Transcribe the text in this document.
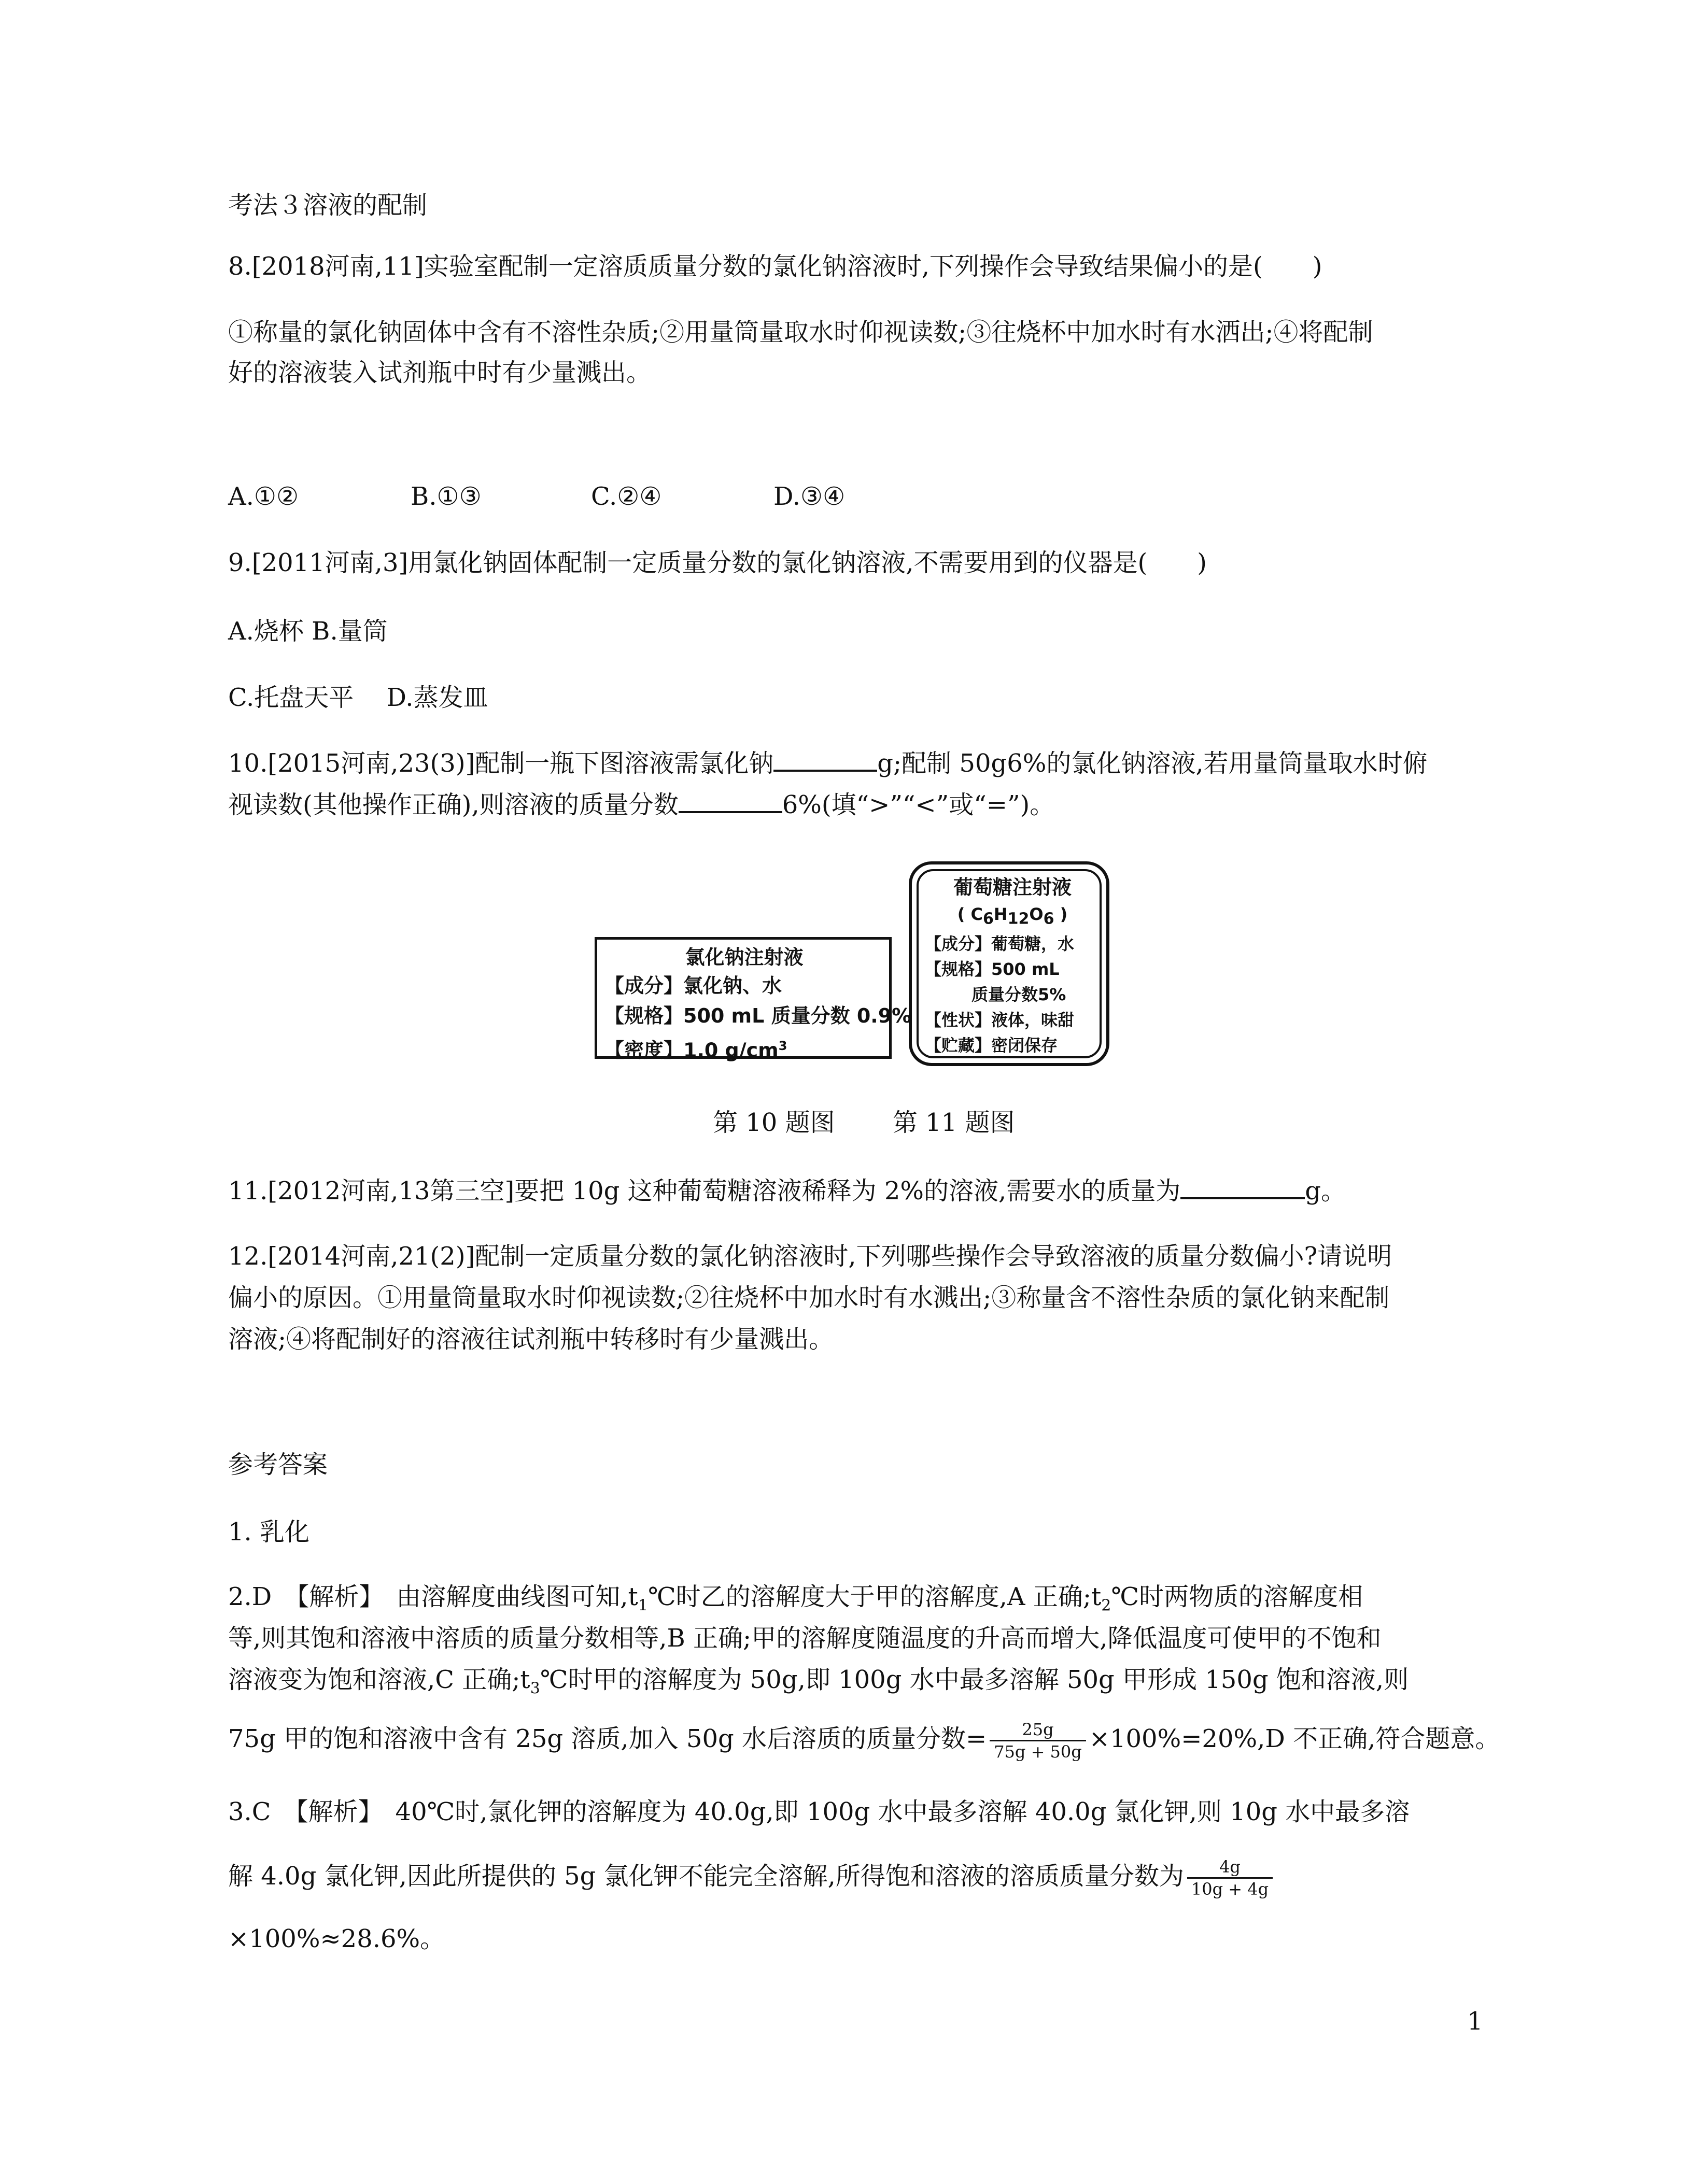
考法３溶液的配制
8.[2018河南,11]实验室配制一定溶质质量分数的氯化钠溶液时,下列操作会导致结果偏小的是(　　)
①称量的氯化钠固体中含有不溶性杂质;②用量筒量取水时仰视读数;③往烧杯中加水时有水洒出;④将配制
好的溶液装入试剂瓶中时有少量溅出。
A.①②	B.①③	C.②④	D.③④
9.[2011河南,3]用氯化钠固体配制一定质量分数的氯化钠溶液,不需要用到的仪器是(　　)
A.烧杯 B.量筒
C.托盘天平　 D.蒸发皿
10.[2015河南,23(3)]配制一瓶下图溶液需氯化钠	g;配制 50g6%的氯化钠溶液,若用量筒量取水时俯
视读数(其他操作正确),则溶液的质量分数	6%(填“>”“<”或“=”)。
氯化钠注射液
【成分】氯化钠、水
【规格】500 mL 质量分数 0.9%
【密度】1.0 $g/cm^3$
葡萄糖注射液
( $C_6H_{12}O_6$ )
【成分】葡萄糖，水
【规格】500 mL
质量分数5%
【性状】液体，味甜
【贮藏】密闭保存
第 10 题图　　 第 11 题图
11.[2012河南,13第三空]要把 10g 这种葡萄糖溶液稀释为 2%的溶液,需要水的质量为	g。
12.[2014河南,21(2)]配制一定质量分数的氯化钠溶液时,下列哪些操作会导致溶液的质量分数偏小?请说明
偏小的原因。①用量筒量取水时仰视读数;②往烧杯中加水时有水溅出;③称量含不溶性杂质的氯化钠来配制
溶液;④将配制好的溶液往试剂瓶中转移时有少量溅出。
参考答案
1. 乳化
2.D　【解析】　由溶解度曲线图可知$,t_1℃$时乙的溶解度大于甲的溶解度,A 正确$;t_2℃$时两物质的溶解度相
等,则其饱和溶液中溶质的质量分数相等,B 正确;甲的溶解度随温度的升高而增大,降低温度可使甲的不饱和
溶液变为饱和溶液,C 正确$;t_3℃$时甲的溶解度为 50g,即 100g 水中最多溶解 50g 甲形成 150g 饱和溶液,则
75g 甲的饱和溶液中含有 25g 溶质,加入 50g 水后溶质的质量分数= $\frac{25g}{75g + 50g} \times 100\%=20\%,D$ 不正确,符合题意。
3.C　【解析】　40℃时,氯化钾的溶解度为 40.0g,即 100g 水中最多溶解 40.0g 氯化钾,则 10g 水中最多溶
解 4.0g 氯化钾,因此所提供的 5g 氯化钾不能完全溶解,所得饱和溶液的溶质质量分数为 $\frac{4g}{10g + 4g}$
×100%≈28.6%。
1
